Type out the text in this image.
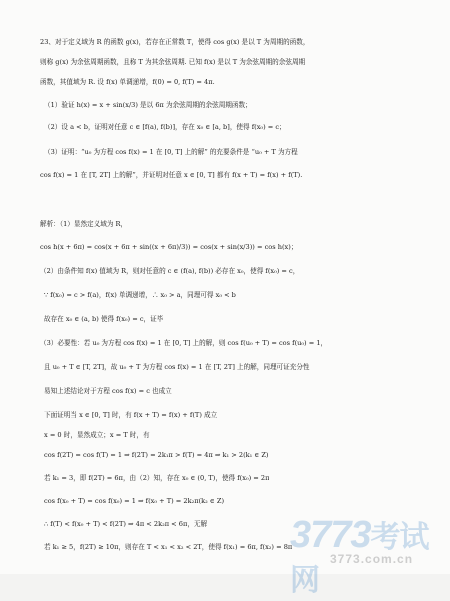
23、对于定义域为 R 的函数 g(x)，若存在正常数 T，使得 cos g(x) 是以 T 为周期的函数，
则称 g(x) 为余弦周期函数，且称 T 为其余弦周期. 已知 f(x) 是以 T 为余弦周期的余弦周期
函数，其值域为 R. 设 f(x) 单调递增，f(0) = 0, f(T) = 4π.
（1）验证 h(x) = x + sin(x/3) 是以 6π 为余弦周期的余弦周期函数；
（2）设 a < b，证明对任意 c ∈ [f(a), f(b)]，存在 x₀ ∈ [a, b]，使得 f(x₀) = c；
（3）证明：“u₀ 为方程 cos f(x) = 1 在 [0, T] 上的解” 的充要条件是 “u₀ + T 为方程
cos f(x) = 1 在 [T, 2T] 上的解”，并证明对任意 x ∈ [0, T] 都有 f(x + T) = f(x) + f(T).
解析：（1）显然定义域为 R，
cos h(x + 6π) = cos(x + 6π + sin((x + 6π)/3)) = cos(x + sin(x/3)) = cos h(x)；
（2）由条件知 f(x) 值域为 R，则对任意的 c ∈ (f(a), f(b)) 必存在 x₀，使得 f(x₀) = c，
∵ f(x₀) = c > f(a)，f(x) 单调递增，∴ x₀ > a，同理可得 x₀ < b
故存在 x₀ ∈ (a, b) 使得 f(x₀) = c，证毕
（3）必要性：若 u₀ 为方程 cos f(x) = 1 在 [0, T] 上的解，则 cos f(u₀ + T) = cos f(u₀) = 1，
且 u₀ + T ∈ [T, 2T]，故 u₀ + T 为方程 cos f(x) = 1 在 [T, 2T] 上的解，同理可证充分性
易知上述结论对于方程 cos f(x) = c 也成立
下面证明当 x ∈ [0, T] 时，有 f(x + T) = f(x) + f(T) 成立
x = 0 时，显然成立；x = T 时，有
cos f(2T) = cos f(T) = 1 ⇒ f(2T) = 2k₁π > f(T) = 4π ⇒ k₁ > 2(k₁ ∈ Z)
若 k₁ = 3，即 f(2T) = 6π，由（2）知，存在 x₀ ∈ (0, T)，使得 f(x₀) = 2π
cos f(x₀ + T) = cos f(x₀) = 1 ⇒ f(x₀ + T) = 2k₂π(k₂ ∈ Z)
∴ f(T) < f(x₀ + T) < f(2T) ⇒ 4π < 2k₂π < 6π，无解
若 k₁ ≥ 5，f(2T) ≥ 10π，则存在 T < x₁ < x₂ < 2T，使得 f(x₁) = 6π, f(x₂) = 8π
3773考试网
3773.com.cn
